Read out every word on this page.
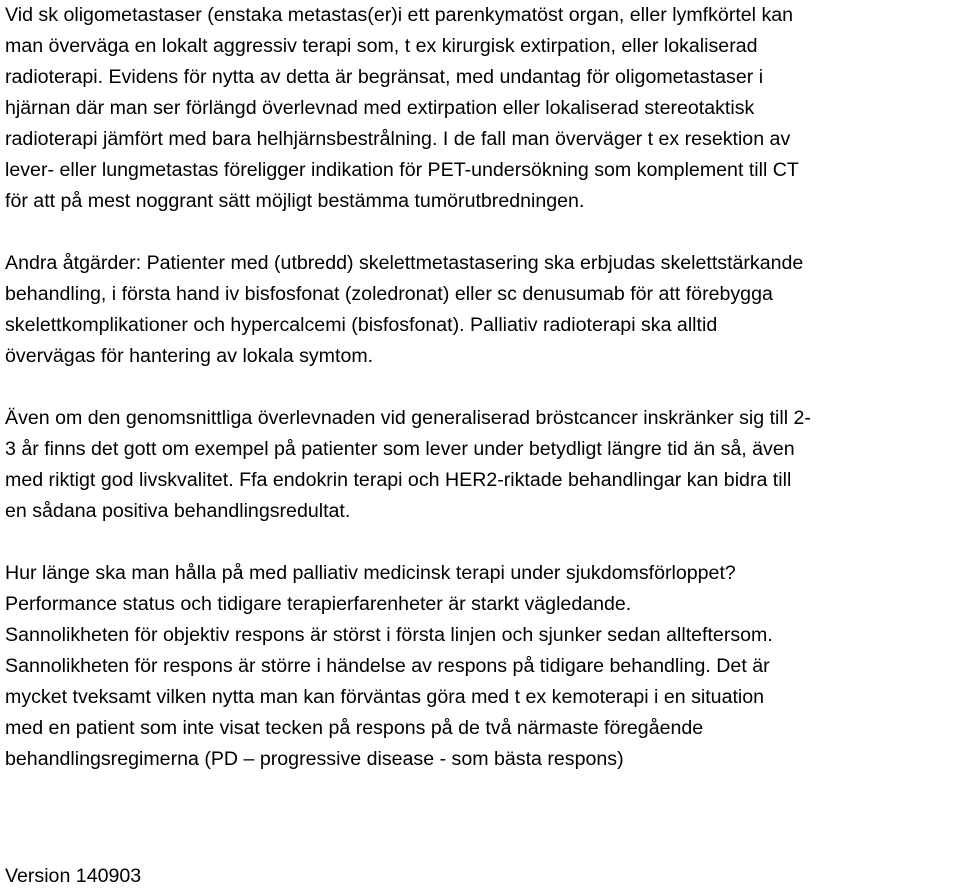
Vid sk oligometastaser (enstaka metastas(er)i ett parenkymatöst organ, eller lymfkörtel kan
man överväga en lokalt aggressiv terapi som, t ex kirurgisk extirpation, eller lokaliserad
radioterapi. Evidens för nytta av detta är begränsat, med undantag för oligometastaser i
hjärnan där man ser förlängd överlevnad med extirpation eller lokaliserad stereotaktisk
radioterapi jämfört med bara helhjärnsbestrålning. I de fall man överväger t ex resektion av
lever- eller lungmetastas föreligger indikation för PET-undersökning som komplement till CT
för att på mest noggrant sätt möjligt bestämma tumörutbredningen.

Andra åtgärder: Patienter med (utbredd) skelettmetastasering ska erbjudas skelettstärkande
behandling, i första hand iv bisfosfonat (zoledronat) eller sc denusumab för att förebygga
skelettkomplikationer och hypercalcemi (bisfosfonat). Palliativ radioterapi ska alltid
övervägas för hantering av lokala symtom.

Även om den genomsnittliga överlevnaden vid generaliserad bröstcancer inskränker sig till 2-
3 år finns det gott om exempel på patienter som lever under betydligt längre tid än så, även
med riktigt god livskvalitet. Ffa endokrin terapi och HER2-riktade behandlingar kan bidra till
en sådana positiva behandlingsredultat.

Hur länge ska man hålla på med palliativ medicinsk terapi under sjukdomsförloppet?
Performance status och tidigare terapierfarenheter är starkt vägledande.
Sannolikheten för objektiv respons är störst i första linjen och sjunker sedan allteftersom.
Sannolikheten för respons är större i händelse av respons på tidigare behandling. Det är
mycket tveksamt vilken nytta man kan förväntas göra med t ex kemoterapi i en situation
med en patient som inte visat tecken på respons på de två närmaste föregående
behandlingsregimerna (PD – progressive disease - som bästa respons)

Version 140903
